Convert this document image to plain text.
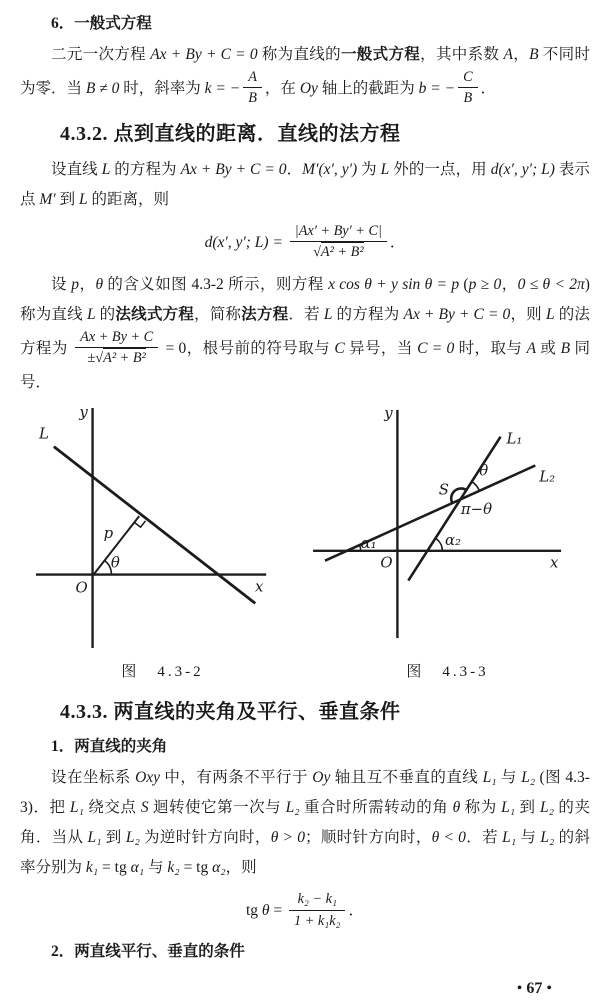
6．一般式方程

二元一次方程 Ax + By + C = 0 称为直线的一般式方程，其中系数 A，B 不同时为零．当 B ≠ 0 时，斜率为 k = − $\frac{A}{B}$ ，在 Oy 轴上的截距为 b = − $\frac{C}{B}$ ．

4.3.2. 点到直线的距离．直线的法方程

设直线 L 的方程为 Ax + By + C = 0．M′(x′, y′) 为 L 外的一点，用 d(x′, y′; L) 表示点 M′ 到 L 的距离，则

d(x′, y′; $L) = \frac{|Ax' + By' + C|}{\text{√A² + B²}}$ ．

设 p，θ 的含义如图 4.3-2 所示，则方程 x cos θ + y sin θ = p (p ≥ 0，0 ≤ θ < 2π) 称为直线 L 的法线式方程，简称法方程．若 L 的方程为 Ax + By + C = 0，则 L 的法方程为 $\frac{Ax + By + C}{\text{±√A² + B²}} = 0$，根号前的符号取与 C 异号，当 C = 0 时，取与 A 或 B 同号．

y
x
O
L
p
θ

图　4.3-2

y
x
O
L₁
L₂
S
θ
π−θ
α₁	α₂

图　4.3-3

4.3.3. 两直线的夹角及平行、垂直条件

1．两直线的夹角

设在坐标系 Oxy 中，有两条不平行于 Oy 轴且互不垂直的直线 L₁ 与 L₂ (图 4.3-3)．把 L₁ 绕交点 S 迴转使它第一次与 L₂ 重合时所需转动的角 θ 称为 L₁ 到 L₂ 的夹角．当从 L₁ 到 L₂ 为逆时针方向时，θ > 0；顺时针方向时，θ < 0．若 L₁ 与 L₂ 的斜率分别为 k₁ = tg α₁ 与 k₂ = tg α₂，则

tg $\theta = \frac{\text{k₂ − k₁}}{\text{1 + k₁k₂}}$ ．

2．两直线平行、垂直的条件

• 67 •
